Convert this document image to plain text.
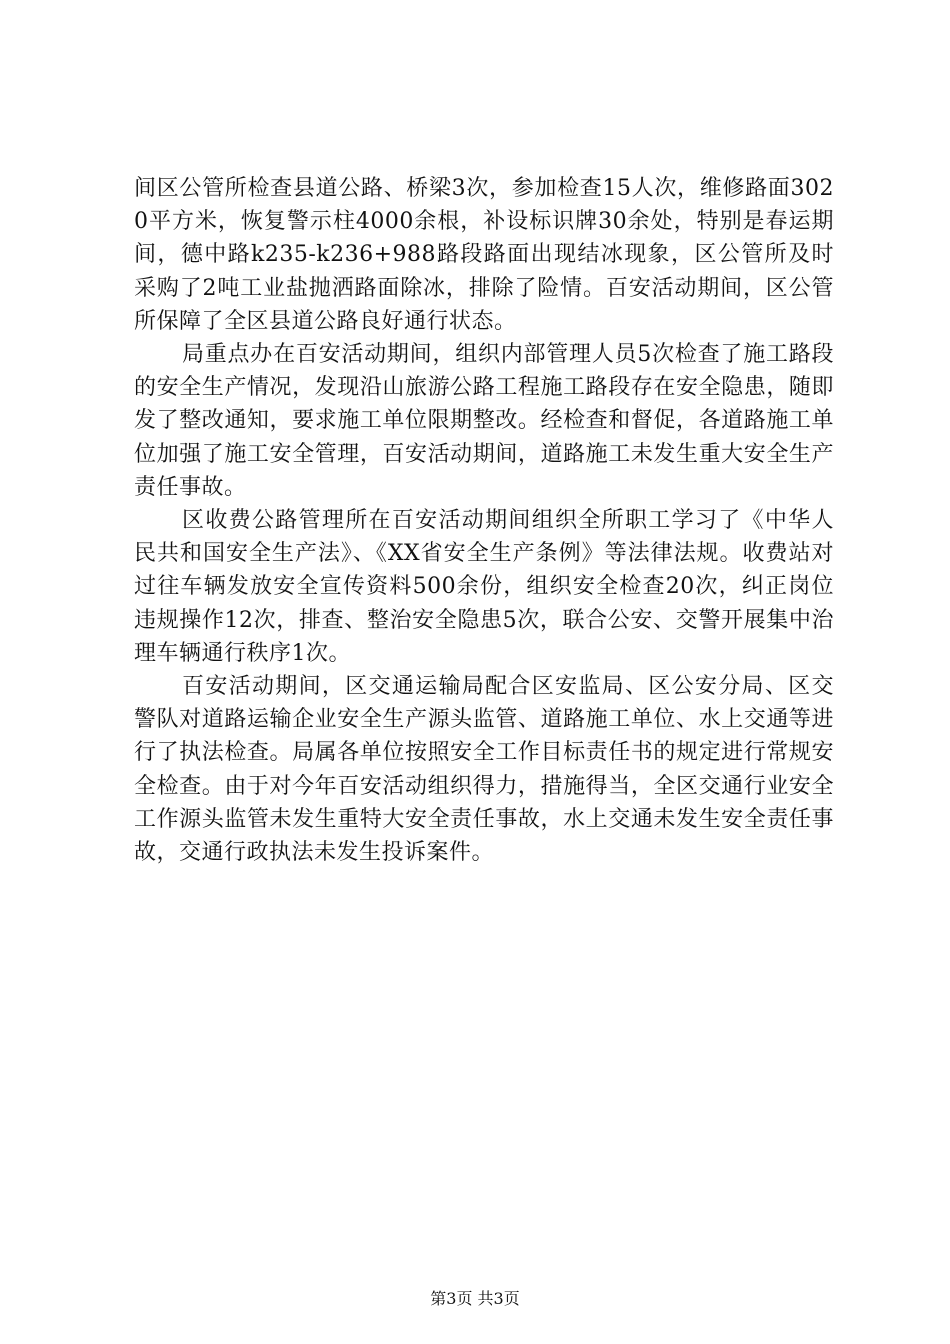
间区公管所检查县道公路、桥梁3次，参加检查15人次，维修路面3020平方米，恢复警示柱4000余根，补设标识牌30余处，特别是春运期间，德中路k235-k236+988路段路面出现结冰现象，区公管所及时采购了2吨工业盐抛洒路面除冰，排除了险情。百安活动期间，区公管所保障了全区县道公路良好通行状态。

局重点办在百安活动期间，组织内部管理人员5次检查了施工路段的安全生产情况，发现沿山旅游公路工程施工路段存在安全隐患，随即发了整改通知，要求施工单位限期整改。经检查和督促，各道路施工单位加强了施工安全管理，百安活动期间，道路施工未发生重大安全生产责任事故。

区收费公路管理所在百安活动期间组织全所职工学习了《中华人民共和国安全生产法》、《XX省安全生产条例》等法律法规。收费站对过往车辆发放安全宣传资料500余份，组织安全检查20次，纠正岗位违规操作12次，排查、整治安全隐患5次，联合公安、交警开展集中治理车辆通行秩序1次。

百安活动期间，区交通运输局配合区安监局、区公安分局、区交警队对道路运输企业安全生产源头监管、道路施工单位、水上交通等进行了执法检查。局属各单位按照安全工作目标责任书的规定进行常规安全检查。由于对今年百安活动组织得力，措施得当，全区交通行业安全工作源头监管未发生重特大安全责任事故，水上交通未发生安全责任事故，交通行政执法未发生投诉案件。

第3页 共3页
